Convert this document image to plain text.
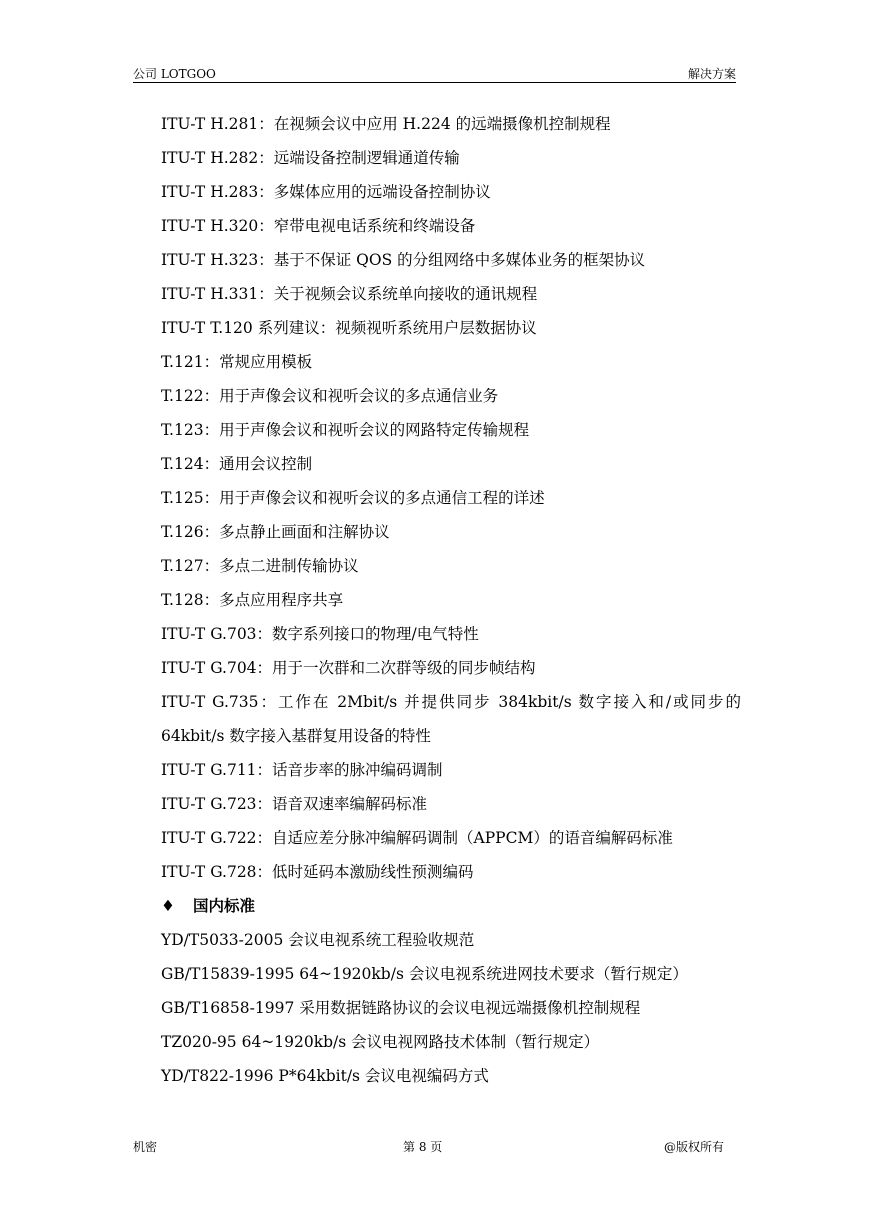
公司 LOTGOO	解决方案
ITU-T H.281：在视频会议中应用 H.224 的远端摄像机控制规程
ITU-T H.282：远端设备控制逻辑通道传输
ITU-T H.283：多媒体应用的远端设备控制协议
ITU-T H.320：窄带电视电话系统和终端设备
ITU-T H.323：基于不保证 QOS 的分组网络中多媒体业务的框架协议
ITU-T H.331：关于视频会议系统单向接收的通讯规程
ITU-T T.120 系列建议：视频视听系统用户层数据协议
T.121：常规应用模板
T.122：用于声像会议和视听会议的多点通信业务
T.123：用于声像会议和视听会议的网路特定传输规程
T.124：通用会议控制
T.125：用于声像会议和视听会议的多点通信工程的详述
T.126：多点静止画面和注解协议
T.127：多点二进制传输协议
T.128：多点应用程序共享
ITU-T G.703：数字系列接口的物理/电气特性
ITU-T G.704：用于一次群和二次群等级的同步帧结构
ITU-T G.735：工作在 2Mbit/s 并提供同步 384kbit/s 数字接入和/或同步的
64kbit/s 数字接入基群复用设备的特性
ITU-T G.711：话音步率的脉冲编码调制
ITU-T G.723：语音双速率编解码标准
ITU-T G.722：自适应差分脉冲编解码调制（APPCM）的语音编解码标准
ITU-T G.728：低时延码本激励线性预测编码
♦ 国内标准
YD/T5033-2005 会议电视系统工程验收规范
GB/T15839-1995 64~1920kb/s 会议电视系统进网技术要求（暂行规定）
GB/T16858-1997 采用数据链路协议的会议电视远端摄像机控制规程
TZ020-95 64~1920kb/s 会议电视网路技术体制（暂行规定）
YD/T822-1996 P*64kbit/s 会议电视编码方式
机密	第 8 页	@版权所有
